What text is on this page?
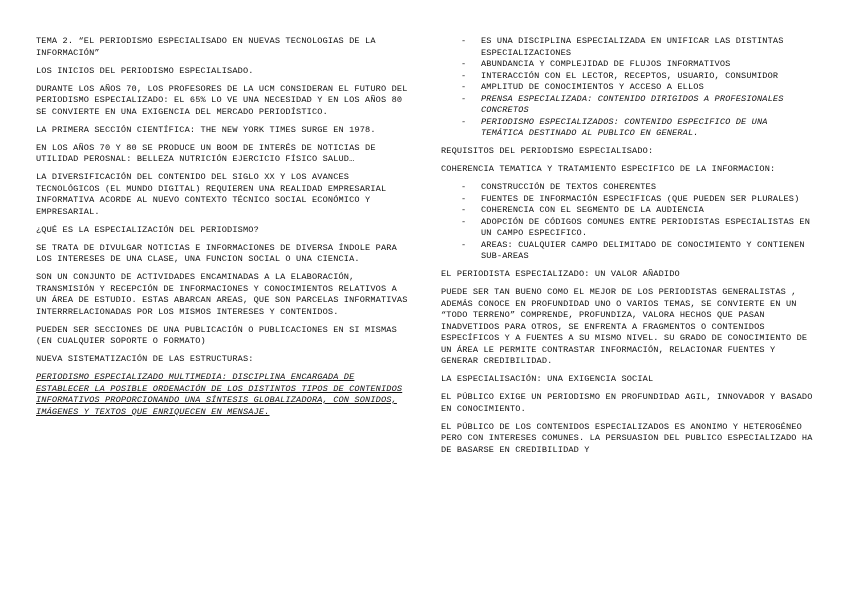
TEMA 2. “EL PERIODISMO ESPECIALISADO EN NUEVAS TECNOLOGIAS DE LA INFORMACIÓN”

LOS INICIOS DEL PERIODISMO ESPECIALISADO.

DURANTE LOS AÑOS 70, LOS PROFESORES DE LA UCM CONSIDERAN EL FUTURO DEL PERIODISMO ESPECIALIZADO: EL 65% LO VE UNA NECESIDAD Y EN LOS AÑOS 80 SE CONVIERTE EN UNA EXIGENCIA DEL MERCADO PERIODÍSTICO.

LA PRIMERA SECCIÓN CIENTÍFICA: THE NEW YORK TIMES SURGE EN 1978.

EN LOS AÑOS 70 Y 80 SE PRODUCE UN BOOM DE INTERÉS DE NOTICIAS DE UTILIDAD PEROSNAL: BELLEZA NUTRICIÓN EJERCICIO FÍSICO SALUD…

LA DIVERSIFICACIÓN DEL CONTENIDO DEL SIGLO XX Y LOS AVANCES TECNOLÓGICOS (EL MUNDO DIGITAL) REQUIEREN UNA REALIDAD EMPRESARIAL INFORMATIVA ACORDE AL NUEVO CONTEXTO TÉCNICO SOCIAL ECONÓMICO Y EMPRESARIAL.

¿QUÉ ES LA ESPECIALIZACIÓN DEL PERIODISMO?

SE TRATA DE DIVULGAR NOTICIAS E INFORMACIONES DE DIVERSA ÍNDOLE PARA LOS INTERESES DE UNA CLASE, UNA FUNCION SOCIAL O UNA CIENCIA.

SON UN CONJUNTO DE ACTIVIDADES ENCAMINADAS A LA ELABORACIÓN, TRANSMISIÓN Y RECEPCIÓN DE INFORMACIONES Y CONOCIMIENTOS RELATIVOS A UN ÁREA DE ESTUDIO. ESTAS ABARCAN AREAS, QUE SON PARCELAS INFORMATIVAS INTERRRELACIONADAS POR LOS MISMOS INTERESES Y CONTENIDOS.

PUEDEN SER SECCIONES DE UNA PUBLICACIÓN O PUBLICACIONES EN SI MISMAS (EN CUALQUIER SOPORTE O FORMATO)

NUEVA SISTEMATIZACIÓN DE LAS ESTRUCTURAS:

PERIODISMO ESPECIALIZADO MULTIMEDIA: DISCIPLINA ENCARGADA DE ESTABLECER LA POSIBLE ORDENACIÓN DE LOS DISTINTOS TIPOS DE CONTENIDOS INFORMATIVOS PROPORCIONANDO UNA SÍNTESIS GLOBALIZADORA, CON SONIDOS, IMÁGENES Y TEXTOS QUE ENRIQUECEN EN MENSAJE.

- ES UNA DISCIPLINA ESPECIALIZADA EN UNIFICAR LAS DISTINTAS ESPECIALIZACIONES
- ABUNDANCIA Y COMPLEJIDAD DE FLUJOS INFORMATIVOS
- INTERACCIÓN CON EL LECTOR, RECEPTOS, USUARIO, CONSUMIDOR
- AMPLITUD DE CONOCIMIENTOS Y ACCESO A ELLOS
- PRENSA ESPECIALIZADA: CONTENIDO DIRIGIDOS A PROFESIONALES CONCRETOS
- PERIODISMO ESPECIALIZADOS: CONTENIDO ESPECIFICO DE UNA TEMÁTICA DESTINADO AL PUBLICO EN GENERAL.

REQUISITOS DEL PERIODISMO ESPECIALISADO:

COHERENCIA TEMATICA Y TRATAMIENTO ESPECIFICO DE LA INFORMACION:

- CONSTRUCCIÓN DE TEXTOS COHERENTES
- FUENTES DE INFORMACIÓN ESPECIFICAS (QUE PUEDEN SER PLURALES)
- COHERENCIA CON EL SEGMENTO DE LA AUDIENCIA
- ADOPCIÓN DE CÓDIGOS COMUNES ENTRE PERIODISTAS ESPECIALISTAS EN UN CAMPO ESPECIFICO.
- AREAS: CUALQUIER CAMPO DELIMITADO DE CONOCIMIENTO Y CONTIENEN SUB-AREAS

EL PERIODISTA ESPECIALIZADO: UN VALOR AÑADIDO

PUEDE SER TAN BUENO COMO EL MEJOR DE LOS PERIODISTAS GENERALISTAS , ADEMÁS CONOCE EN PROFUNDIDAD UNO O VARIOS TEMAS, SE CONVIERTE EN UN “TODO TERRENO” COMPRENDE, PROFUNDIZA, VALORA HECHOS QUE PASAN INADVETIDOS PARA OTROS, SE ENFRENTA A FRAGMENTOS O CONTENIDOS ESPECÍFICOS Y A FUENTES A SU MISMO NIVEL. SU GRADO DE CONOCIMIENTO DE UN ÁREA LE PERMITE CONTRASTAR INFORMACIÓN, RELACIONAR FUENTES Y GENERAR CREDIBILIDAD.

LA ESPECIALISACIÓN: UNA EXIGENCIA SOCIAL

EL PÚBLICO EXIGE UN PERIODISMO EN PROFUNDIDAD AGIL, INNOVADOR Y BASADO EN CONOCIMIENTO.

EL PÚBLICO DE LOS CONTENIDOS ESPECIALIZADOS ES ANONIMO Y HETEROGÉNEO PERO CON INTERESES COMUNES. LA PERSUASION DEL PUBLICO ESPECIALIZADO HA DE BASARSE EN CREDIBILIDAD Y
